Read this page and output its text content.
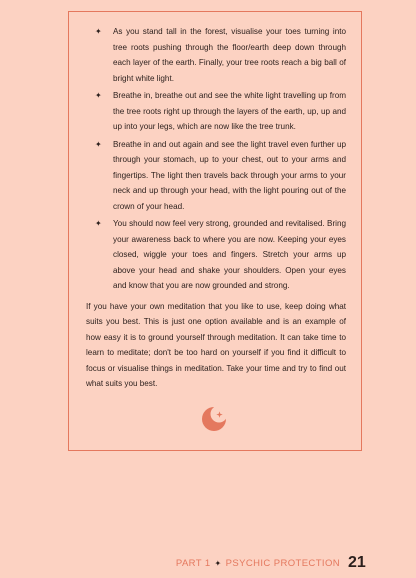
✦ As you stand tall in the forest, visualise your toes turning into tree roots pushing through the floor/earth deep down through each layer of the earth. Finally, your tree roots reach a big ball of bright white light.
✦ Breathe in, breathe out and see the white light travelling up from the tree roots right up through the layers of the earth, up, up and up into your legs, which are now like the tree trunk.
✦ Breathe in and out again and see the light travel even further up through your stomach, up to your chest, out to your arms and fingertips. The light then travels back through your arms to your neck and up through your head, with the light pouring out of the crown of your head.
✦ You should now feel very strong, grounded and revitalised. Bring your awareness back to where you are now. Keeping your eyes closed, wiggle your toes and fingers. Stretch your arms up above your head and shake your shoulders. Open your eyes and know that you are now grounded and strong.

If you have your own meditation that you like to use, keep doing what suits you best. This is just one option available and is an example of how easy it is to ground yourself through meditation. It can take time to learn to meditate; don't be too hard on yourself if you find it difficult to focus or visualise things in meditation. Take your time and try to find out what suits you best.

PART 1 ✦ PSYCHIC PROTECTION 21
